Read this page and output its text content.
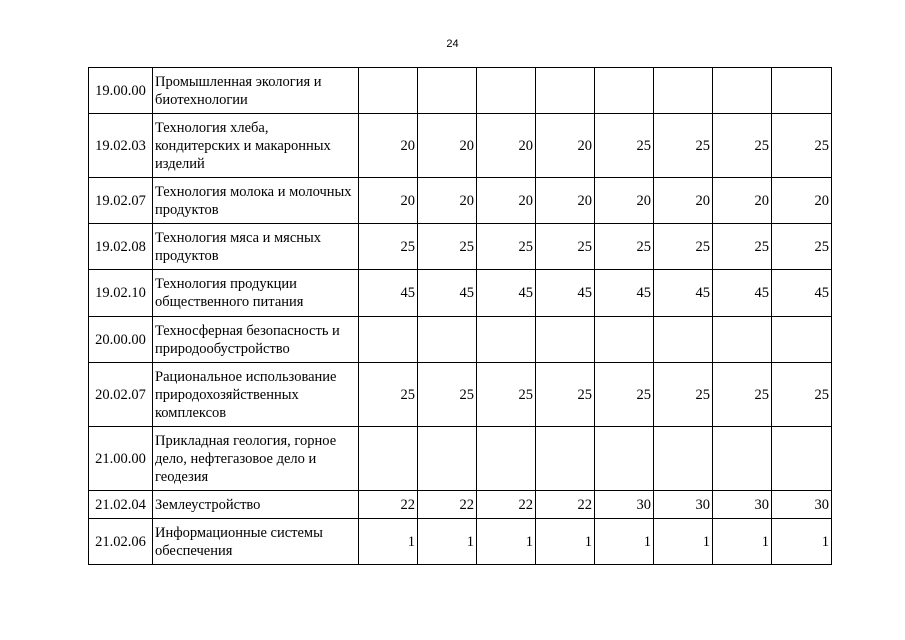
24
19.00.00	Промышленная экология и биотехнологии								
19.02.03	Технология хлеба, кондитерских и макаронных изделий	20	20	20	20	25	25	25	25
19.02.07	Технология молока и молочных продуктов	20	20	20	20	20	20	20	20
19.02.08	Технология мяса и мясных продуктов	25	25	25	25	25	25	25	25
19.02.10	Технология продукции общественного питания	45	45	45	45	45	45	45	45
20.00.00	Техносферная безопасность и природообустройство								
20.02.07	Рациональное использование природохозяйственных комплексов	25	25	25	25	25	25	25	25
21.00.00	Прикладная геология, горное дело, нефтегазовое дело и геодезия								
21.02.04	Землеустройство	22	22	22	22	30	30	30	30
21.02.06	Информационные системы обеспечения	1	1	1	1	1	1	1	1
